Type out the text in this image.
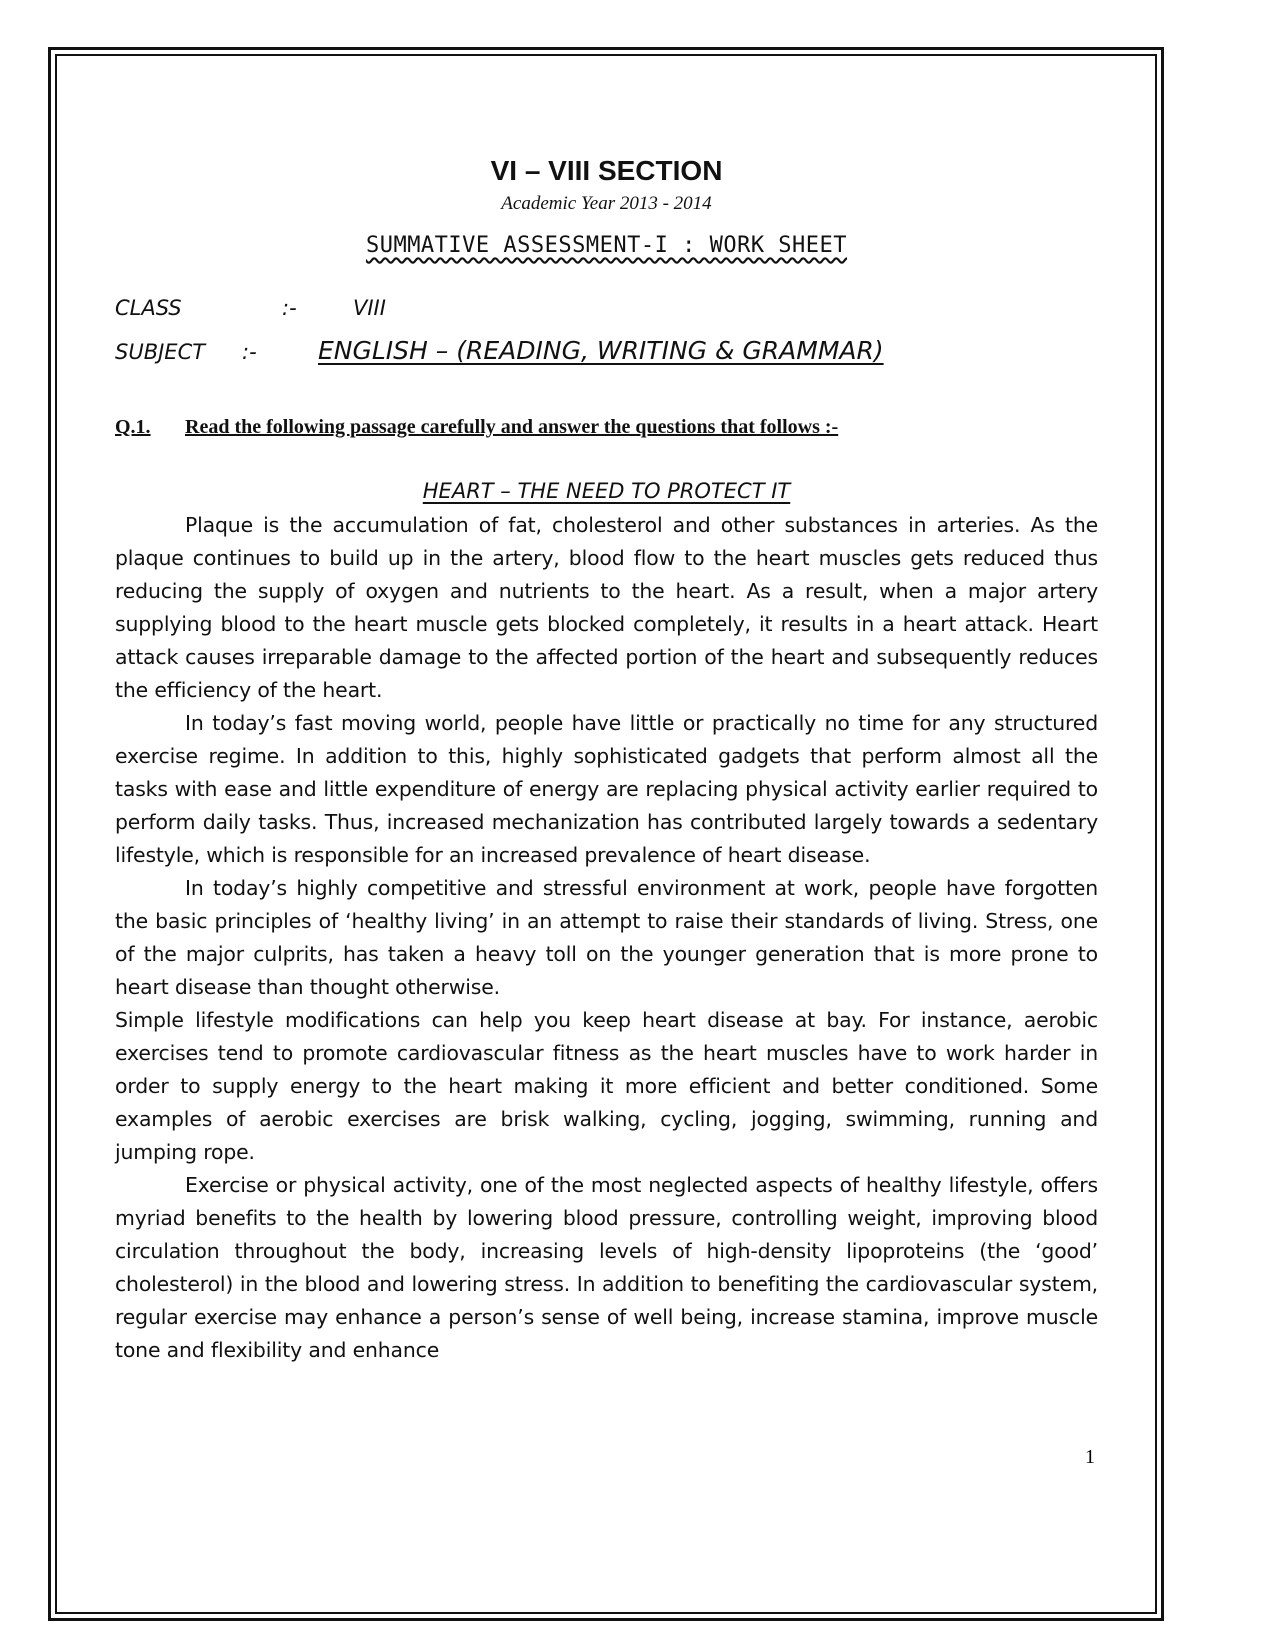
VI – VIII SECTION
Academic Year 2013 - 2014
SUMMATIVE ASSESSMENT-I : WORK SHEET
CLASS	:-	VIII
SUBJECT :- ENGLISH – (READING, WRITING & GRAMMAR)
Q.1. Read the following passage carefully and answer the questions that follows :-
HEART – THE NEED TO PROTECT IT

Plaque is the accumulation of fat, cholesterol and other substances in arteries. As the plaque continues to build up in the artery, blood flow to the heart muscles gets reduced thus reducing the supply of oxygen and nutrients to the heart. As a result, when a major artery supplying blood to the heart muscle gets blocked completely, it results in a heart attack. Heart attack causes irreparable damage to the affected portion of the heart and subsequently reduces the efficiency of the heart.

In today’s fast moving world, people have little or practically no time for any structured exercise regime. In addition to this, highly sophisticated gadgets that perform almost all the tasks with ease and little expenditure of energy are replacing physical activity earlier required to perform daily tasks. Thus, increased mechanization has contributed largely towards a sedentary lifestyle, which is responsible for an increased prevalence of heart disease.

In today’s highly competitive and stressful environment at work, people have forgotten the basic principles of ‘healthy living’ in an attempt to raise their standards of living. Stress, one of the major culprits, has taken a heavy toll on the younger generation that is more prone to heart disease than thought otherwise.

Simple lifestyle modifications can help you keep heart disease at bay. For instance, aerobic exercises tend to promote cardiovascular fitness as the heart muscles have to work harder in order to supply energy to the heart making it more efficient and better conditioned. Some examples of aerobic exercises are brisk walking, cycling, jogging, swimming, running and jumping rope.

Exercise or physical activity, one of the most neglected aspects of healthy lifestyle, offers myriad benefits to the health by lowering blood pressure, controlling weight, improving blood circulation throughout the body, increasing levels of high-density lipoproteins (the ‘good’ cholesterol) in the blood and lowering stress. In addition to benefiting the cardiovascular system, regular exercise may enhance a person’s sense of well being, increase stamina, improve muscle tone and flexibility and enhance

1
